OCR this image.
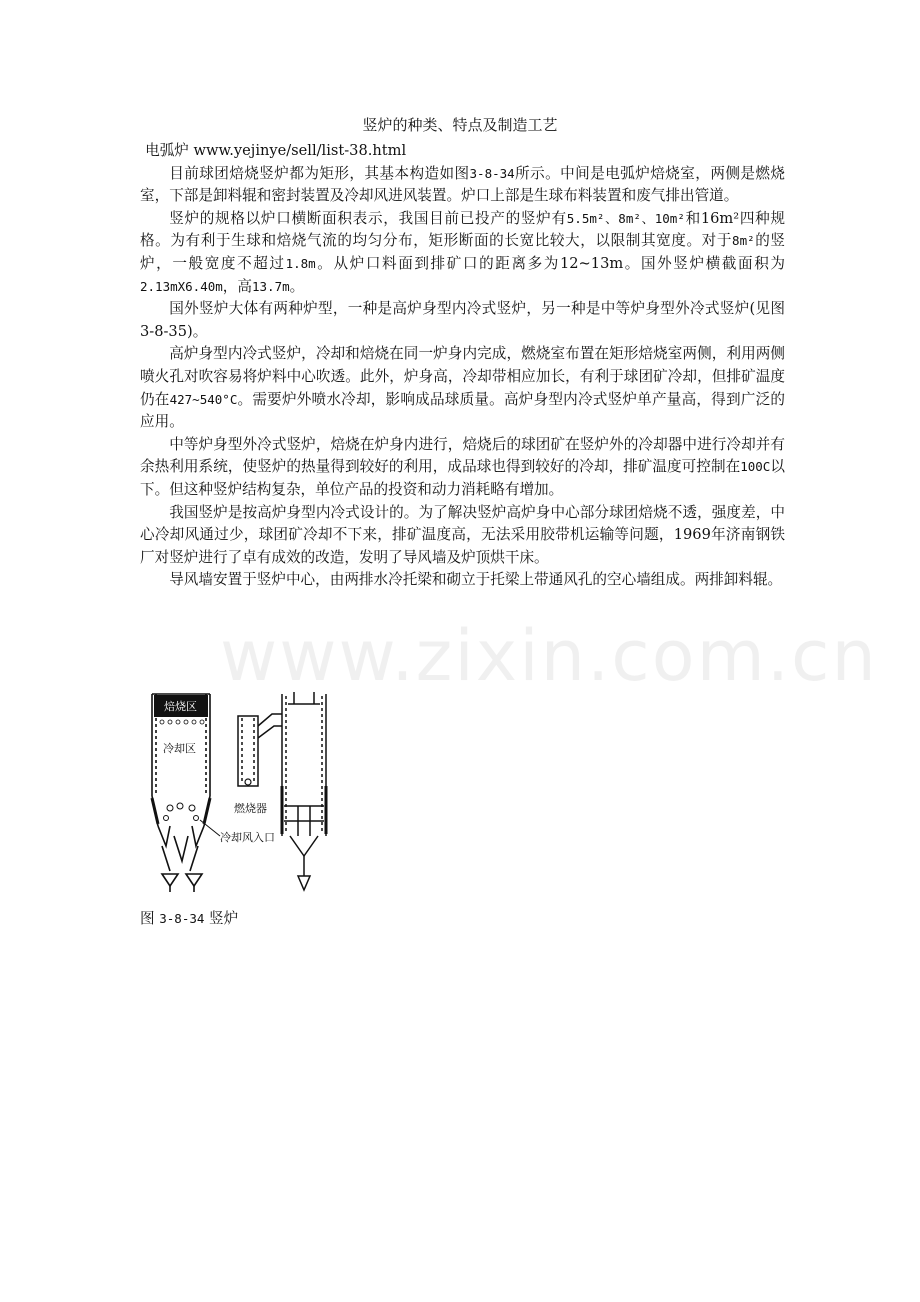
竖炉的种类、特点及制造工艺

电弧炉 www.yejinye/sell/list-38.html

目前球团焙烧竖炉都为矩形，其基本构造如图3-8-34所示。中间是电弧炉焙烧室，两侧是燃烧室，下部是卸料辊和密封装置及冷却风进风装置。炉口上部是生球布料装置和废气排出管道。

竖炉的规格以炉口横断面积表示，我国目前已投产的竖炉有5.5m²、8m²、10m²和16m²四种规格。为有利于生球和焙烧气流的均匀分布，矩形断面的长宽比较大，以限制其宽度。对于8m²的竖炉，一般宽度不超过1.8m。从炉口料面到排矿口的距离多为12~13m。国外竖炉横截面积为2.13mX6.40m，高13.7m。

国外竖炉大体有两种炉型，一种是高炉身型内冷式竖炉，另一种是中等炉身型外冷式竖炉(见图 3-8-35)。

高炉身型内冷式竖炉，冷却和焙烧在同一炉身内完成，燃烧室布置在矩形焙烧室两侧，利用两侧喷火孔对吹容易将炉料中心吹透。此外，炉身高，冷却带相应加长，有利于球团矿冷却，但排矿温度仍在427~540°C。需要炉外喷水冷却，影响成品球质量。高炉身型内冷式竖炉单产量高，得到广泛的应用。

中等炉身型外冷式竖炉，焙烧在炉身内进行，焙烧后的球团矿在竖炉外的冷却器中进行冷却并有余热利用系统，使竖炉的热量得到较好的利用，成品球也得到较好的冷却，排矿温度可控制在100C以下。但这种竖炉结构复杂，单位产品的投资和动力消耗略有增加。

我国竖炉是按高炉身型内冷式设计的。为了解决竖炉高炉身中心部分球团焙烧不透，强度差，中心冷却风通过少，球团矿冷却不下来，排矿温度高，无法采用胶带机运输等问题，1969年济南钢铁厂对竖炉进行了卓有成效的改造，发明了导风墙及炉顶烘干床。

导风墙安置于竖炉中心，由两排水冷托梁和砌立于托梁上带通风孔的空心墙组成。两排卸料辊。

www.zixin.com.cn
焙烧区
冷却区
冷却风入口
燃烧器
图 3-8-34 竖炉
